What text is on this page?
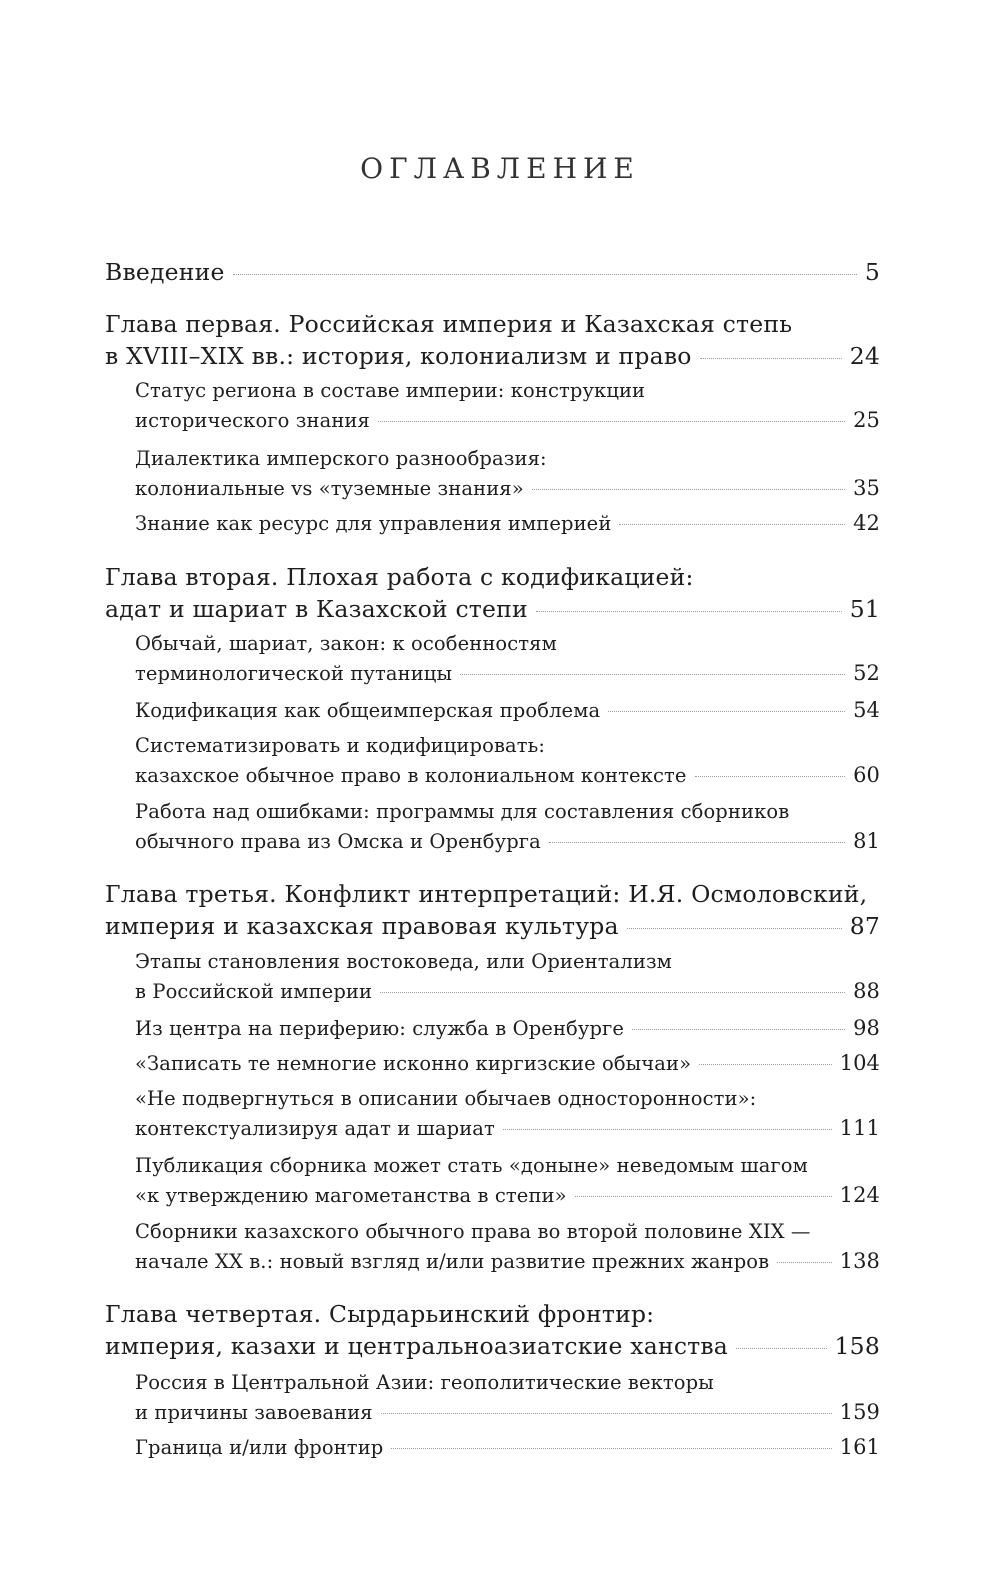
ОГЛАВЛЕНИЕ
Введение	5
Глава первая. Российская империя и Казахская степь
в XVIII–XIX вв.: история, колониализм и право	24
Статус региона в составе империи: конструкции
исторического знания	25
Диалектика имперского разнообразия:
колониальные vs «туземные знания»	35
Знание как ресурс для управления империей	42
Глава вторая. Плохая работа с кодификацией:
адат и шариат в Казахской степи	51
Обычай, шариат, закон: к особенностям
терминологической путаницы	52
Кодификация как общеимперская проблема	54
Систематизировать и кодифицировать:
казахское обычное право в колониальном контексте	60
Работа над ошибками: программы для составления сборников
обычного права из Омска и Оренбурга	81
Глава третья. Конфликт интерпретаций: И.Я. Осмоловский,
империя и казахская правовая культура	87
Этапы становления востоковеда, или Ориентализм
в Российской империи	88
Из центра на периферию: служба в Оренбурге	98
«Записать те немногие исконно киргизские обычаи»	104
«Не подвергнуться в описании обычаев односторонности»:
контекстуализируя адат и шариат	111
Публикация сборника может стать «доныне» неведомым шагом
«к утверждению магометанства в степи»	124
Сборники казахского обычного права во второй половине XIX —
начале XX в.: новый взгляд и/или развитие прежних жанров	138
Глава четвертая. Сырдарьинский фронтир:
империя, казахи и центральноазиатские ханства	158
Россия в Центральной Азии: геополитические векторы
и причины завоевания	159
Граница и/или фронтир	161
